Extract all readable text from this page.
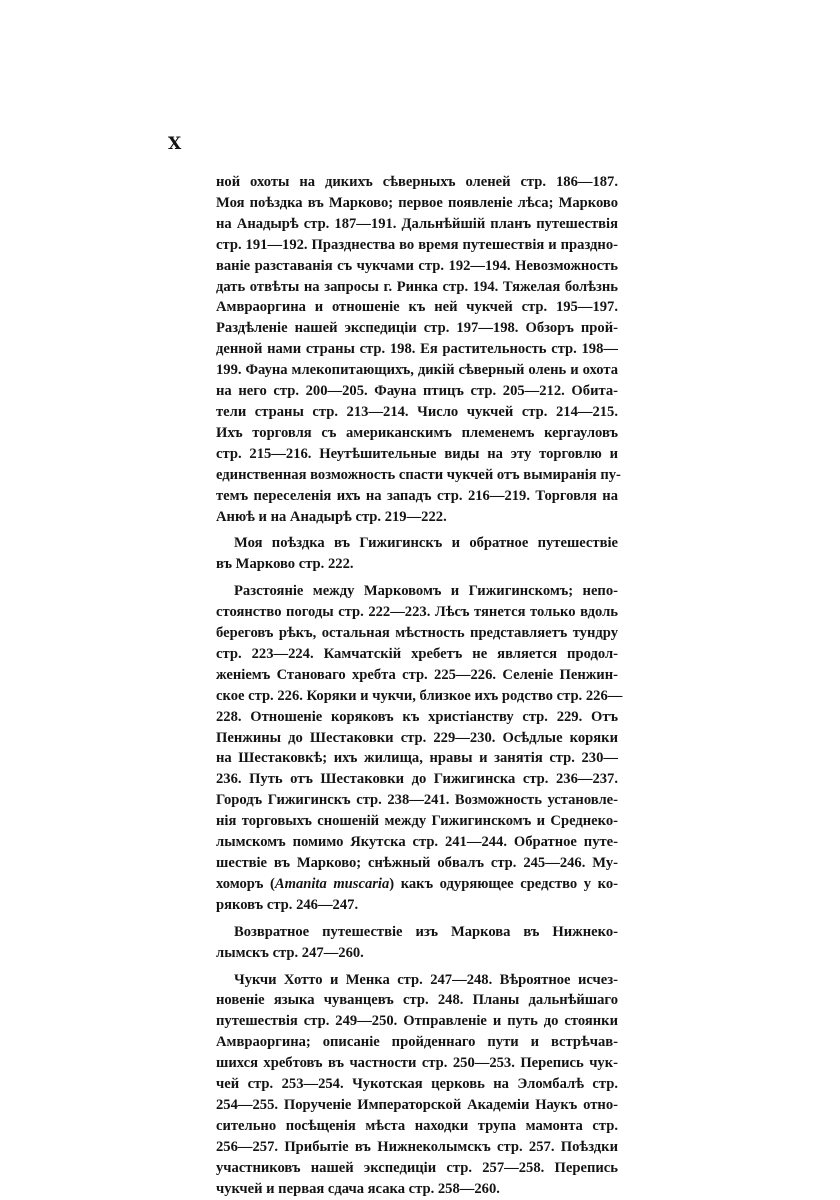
X
ной охоты на дикихъ сѣверныхъ оленей стр. 186—187.
Моя поѣздка въ Марково; первое появленіе лѣса; Марково
на Анадырѣ стр. 187—191. Дальнѣйшій планъ путешествія
стр. 191—192. Празднества во время путешествія и праздно-
ваніе разставанія съ чукчами стр. 192—194. Невозможность
дать отвѣты на запросы г. Ринка стр. 194. Тяжелая болѣзнь
Амвраоргина и отношеніе къ ней чукчей стр. 195—197.
Раздѣленіе нашей экспедиціи стр. 197—198. Обзоръ прой-
денной нами страны стр. 198. Ея растительность стр. 198—
199. Фауна млекопитающихъ, дикій сѣверный олень и охота
на него стр. 200—205. Фауна птицъ стр. 205—212. Обита-
тели страны стр. 213—214. Число чукчей стр. 214—215.
Ихъ торговля съ американскимъ племенемъ кергауловъ
стр. 215—216. Неутѣшительные виды на эту торговлю и
единственная возможность спасти чукчей отъ вымиранія пу-
темъ переселенія ихъ на западъ стр. 216—219. Торговля на
Анюѣ и на Анадырѣ стр. 219—222.
Моя поѣздка въ Гижигинскъ и обратное путешествіе
въ Марково стр. 222.
Разстояніе между Марковомъ и Гижигинскомъ; непо-
стоянство погоды стр. 222—223. Лѣсъ тянется только вдоль
береговъ рѣкъ, остальная мѣстность представляетъ тундру
стр. 223—224. Камчатскій хребетъ не является продол-
женіемъ Становаго хребта стр. 225—226. Селеніе Пенжин-
ское стр. 226. Коряки и чукчи, близкое ихъ родство стр. 226—
228. Отношеніе коряковъ къ христіанству стр. 229. Отъ
Пенжины до Шестаковки стр. 229—230. Осѣдлые коряки
на Шестаковкѣ; ихъ жилища, нравы и занятія стр. 230—
236. Путь отъ Шестаковки до Гижигинска стр. 236—237.
Городъ Гижигинскъ стр. 238—241. Возможность установле-
нія торговыхъ сношеній между Гижигинскомъ и Среднеко-
лымскомъ помимо Якутска стр. 241—244. Обратное путе-
шествіе въ Марково; снѣжный обвалъ стр. 245—246. Му-
хоморъ (Amanita muscaria) какъ одуряющее средство у ко-
ряковъ стр. 246—247.
Возвратное путешествіе изъ Маркова въ Нижнеко-
лымскъ стр. 247—260.
Чукчи Хотто и Менка стр. 247—248. Вѣроятное исчез-
новеніе языка чуванцевъ стр. 248. Планы дальнѣйшаго
путешествія стр. 249—250. Отправленіе и путь до стоянки
Амвраоргина; описаніе пройденнаго пути и встрѣчав-
шихся хребтовъ въ частности стр. 250—253. Перепись чук-
чей стр. 253—254. Чукотская церковь на Эломбалѣ стр.
254—255. Порученіе Императорской Академіи Наукъ отно-
сительно посѣщенія мѣста находки трупа мамонта стр.
256—257. Прибытіе въ Нижнеколымскъ стр. 257. Поѣздки
участниковъ нашей экспедиціи стр. 257—258. Перепись
чукчей и первая сдача ясака стр. 258—260.
